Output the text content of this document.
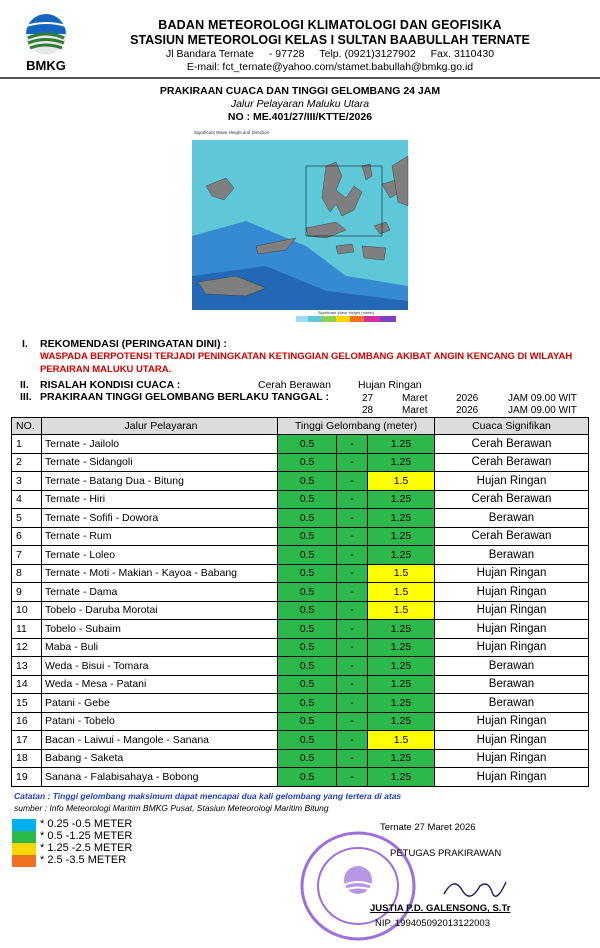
BMKG
BADAN METEOROLOGI KLIMATOLOGI DAN GEOFISIKA
STASIUN METEOROLOGI KELAS I SULTAN BAABULLAH TERNATE
Jl Bandara Ternate - 97728 Telp. (0921)3127902 Fax. 3110430
E-mail: fct_ternate@yahoo.com/stamet.babullah@bmkg.go.id
PRAKIRAAN CUACA DAN TINGGI GELOMBANG 24 JAM
Jalur Pelayaran Maluku Utara
NO : ME.401/27/III/KTTE/2026
Significant Wave Height and Direction
Significant Wave Height (meter)
I. REKOMENDASI (PERINGATAN DINI) :
WASPADA BERPOTENSI TERJADI PENINGKATAN KETINGGIAN GELOMBANG AKIBAT ANGIN KENCANG DI WILAYAH PERAIRAN MALUKU UTARA.
II. RISALAH KONDISI CUACA :	Cerah Berawan	Hujan Ringan
III. PRAKIRAAN TINGGI GELOMBANG BERLAKU TANGGAL :	27	Maret	2026	JAM 09.00 WIT
28	Maret	2026	JAM 09.00 WIT
NO.	Jalur Pelayaran	Tinggi Gelombang (meter)			Cuaca Signifikan
1	Ternate - Jailolo	0.5	-	1.25	Cerah Berawan
2	Ternate - Sidangoli	0.5	-	1.25	Cerah Berawan
3	Ternate - Batang Dua - Bitung	0.5	-	1.5	Hujan Ringan
4	Ternate - Hiri	0.5	-	1.25	Cerah Berawan
5	Ternate - Sofifi - Dowora	0.5	-	1.25	Berawan
6	Ternate - Rum	0.5	-	1.25	Cerah Berawan
7	Ternate - Loleo	0.5	-	1.25	Berawan
8	Ternate - Moti - Makian - Kayoa - Babang	0.5	-	1.5	Hujan Ringan
9	Ternate - Dama	0.5	-	1.5	Hujan Ringan
10	Tobelo - Daruba Morotai	0.5	-	1.5	Hujan Ringan
11	Tobelo - Subaim	0.5	-	1.25	Hujan Ringan
12	Maba - Buli	0.5	-	1.25	Hujan Ringan
13	Weda - Bisui - Tomara	0.5	-	1.25	Berawan
14	Weda - Mesa - Patani	0.5	-	1.25	Berawan
15	Patani - Gebe	0.5	-	1.25	Berawan
16	Patani - Tobelo	0.5	-	1.25	Hujan Ringan
17	Bacan - Laiwui - Mangole - Sanana	0.5	-	1.5	Hujan Ringan
18	Babang - Saketa	0.5	-	1.25	Hujan Ringan
19	Sanana - Falabisahaya - Bobong	0.5	-	1.25	Hujan Ringan
Catatan : Tinggi gelombang maksimum dapat mencapai dua kali gelombang yang tertera di atas
sumber : Info Meteorologi Maritim BMKG Pusat, Stasiun Meteorologi Maritim Bitung
* 0.25 -0.5 METER
* 0.5 -1.25 METER
* 1.25 -2.5 METER
* 2.5 -3.5 METER
Ternate 27 Maret 2026
PETUGAS PRAKIRAWAN
JUSTIA P.D. GALENSONG, S.Tr
NIP. 199405092013122003
